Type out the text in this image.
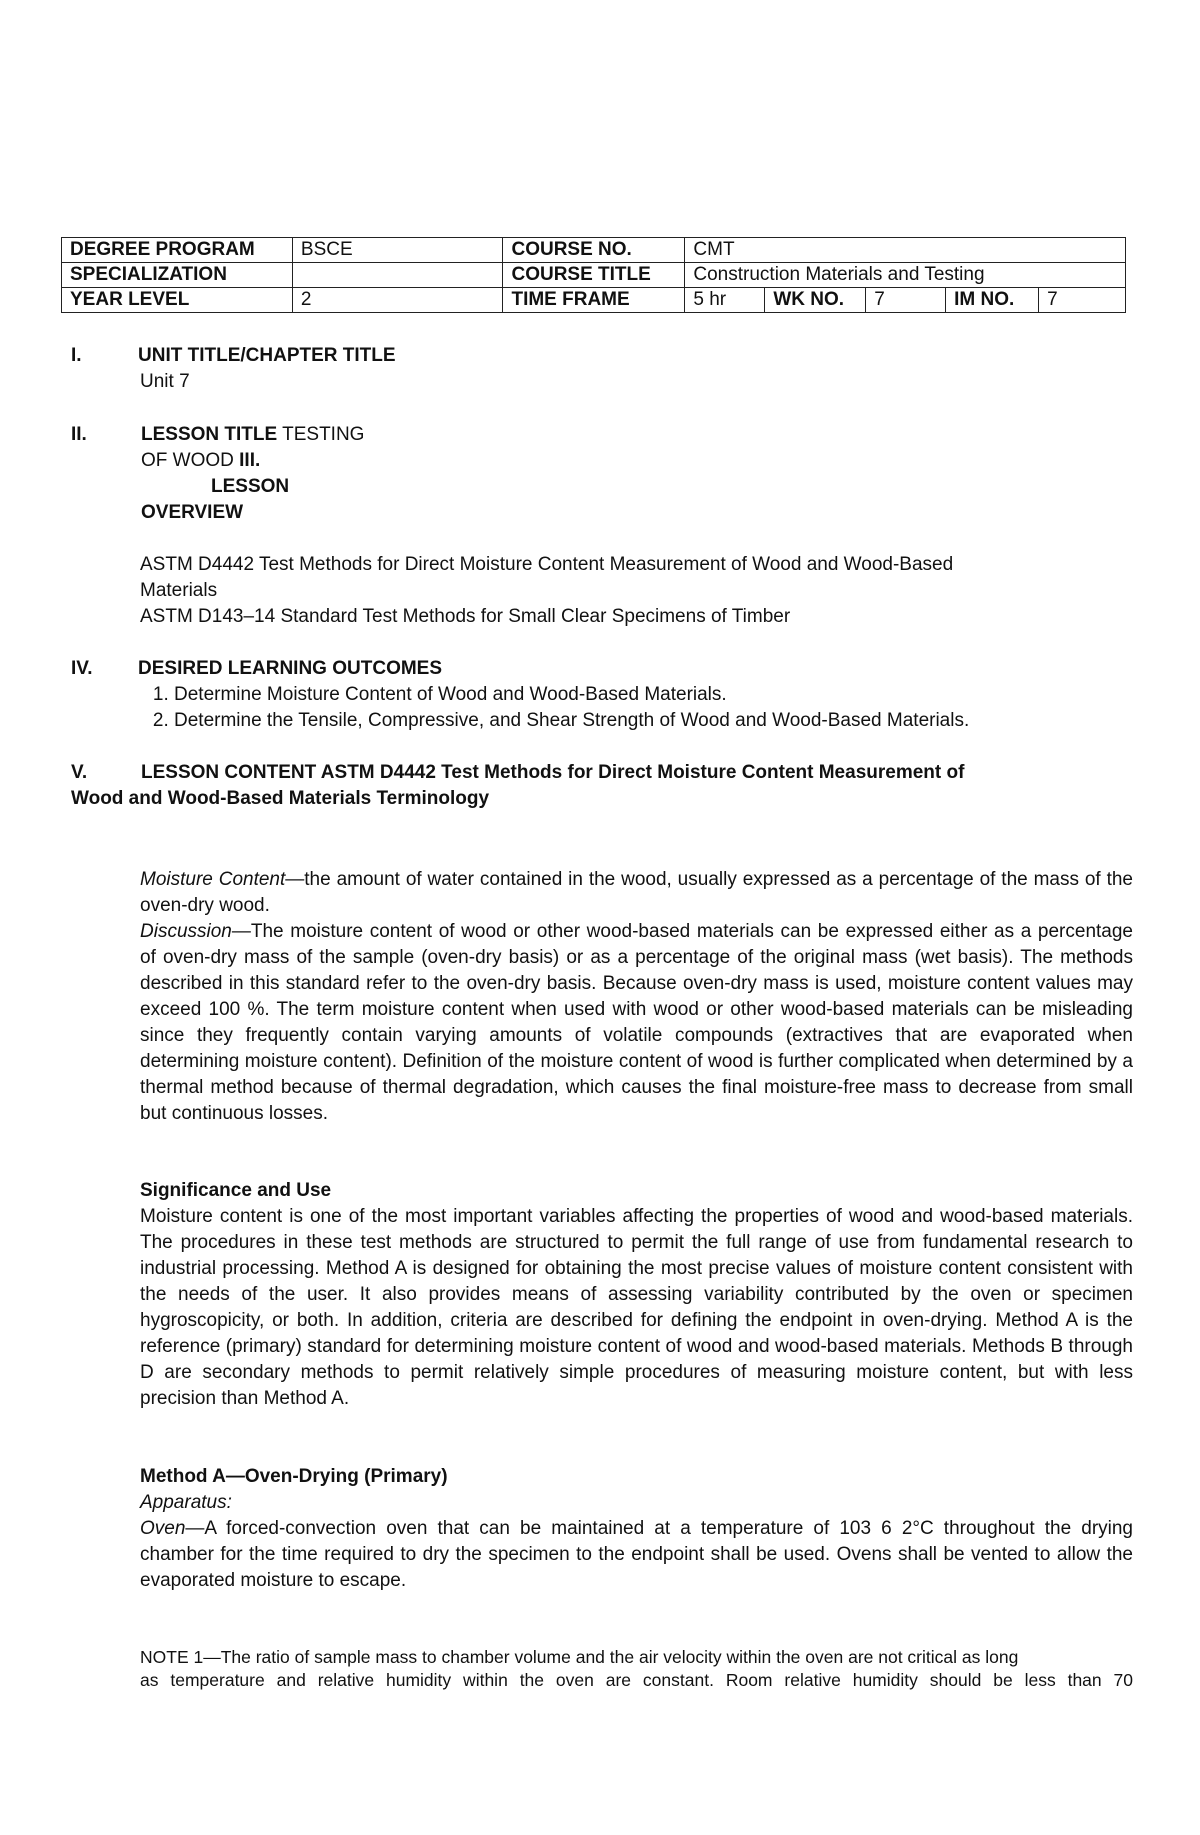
DEGREE PROGRAM	BSCE	COURSE NO.	CMT				
SPECIALIZATION		COURSE TITLE	Construction Materials and Testing				
YEAR LEVEL	2	TIME FRAME	5 hr	WK NO.	7	IM NO.	7
I.	UNIT TITLE/CHAPTER TITLE
Unit 7
II.	LESSON TITLE TESTING
OF WOOD III.
LESSON
OVERVIEW
ASTM D4442 Test Methods for Direct Moisture Content Measurement of Wood and Wood-Based
Materials
ASTM D143–14 Standard Test Methods for Small Clear Specimens of Timber
IV. DESIRED LEARNING OUTCOMES
1. Determine Moisture Content of Wood and Wood-Based Materials.
2. Determine the Tensile, Compressive, and Shear Strength of Wood and Wood-Based Materials.
V.	LESSON CONTENT ASTM D4442 Test Methods for Direct Moisture Content Measurement of
Wood and Wood-Based Materials Terminology
Moisture Content—the amount of water contained in the wood, usually expressed as a percentage of the mass of the oven-dry wood.
Discussion—The moisture content of wood or other wood-based materials can be expressed either as a percentage of oven-dry mass of the sample (oven-dry basis) or as a percentage of the original mass (wet basis). The methods described in this standard refer to the oven-dry basis. Because oven-dry mass is used, moisture content values may exceed 100 %. The term moisture content when used with wood or other wood-based materials can be misleading since they frequently contain varying amounts of volatile compounds (extractives that are evaporated when determining moisture content). Definition of the moisture content of wood is further complicated when determined by a thermal method because of thermal degradation, which causes the final moisture-free mass to decrease from small but continuous losses.
Significance and Use
Moisture content is one of the most important variables affecting the properties of wood and wood-based materials. The procedures in these test methods are structured to permit the full range of use from fundamental research to industrial processing. Method A is designed for obtaining the most precise values of moisture content consistent with the needs of the user. It also provides means of assessing variability contributed by the oven or specimen hygroscopicity, or both. In addition, criteria are described for defining the endpoint in oven-drying. Method A is the reference (primary) standard for determining moisture content of wood and wood-based materials. Methods B through D are secondary methods to permit relatively simple procedures of measuring moisture content, but with less precision than Method A.
Method A—Oven-Drying (Primary)
Apparatus:
Oven—A forced-convection oven that can be maintained at a temperature of 103 6 2°C throughout the drying chamber for the time required to dry the specimen to the endpoint shall be used. Ovens shall be vented to allow the evaporated moisture to escape.
NOTE 1—The ratio of sample mass to chamber volume and the air velocity within the oven are not critical as long
as temperature and relative humidity within the oven are constant. Room relative humidity should be less than 70
